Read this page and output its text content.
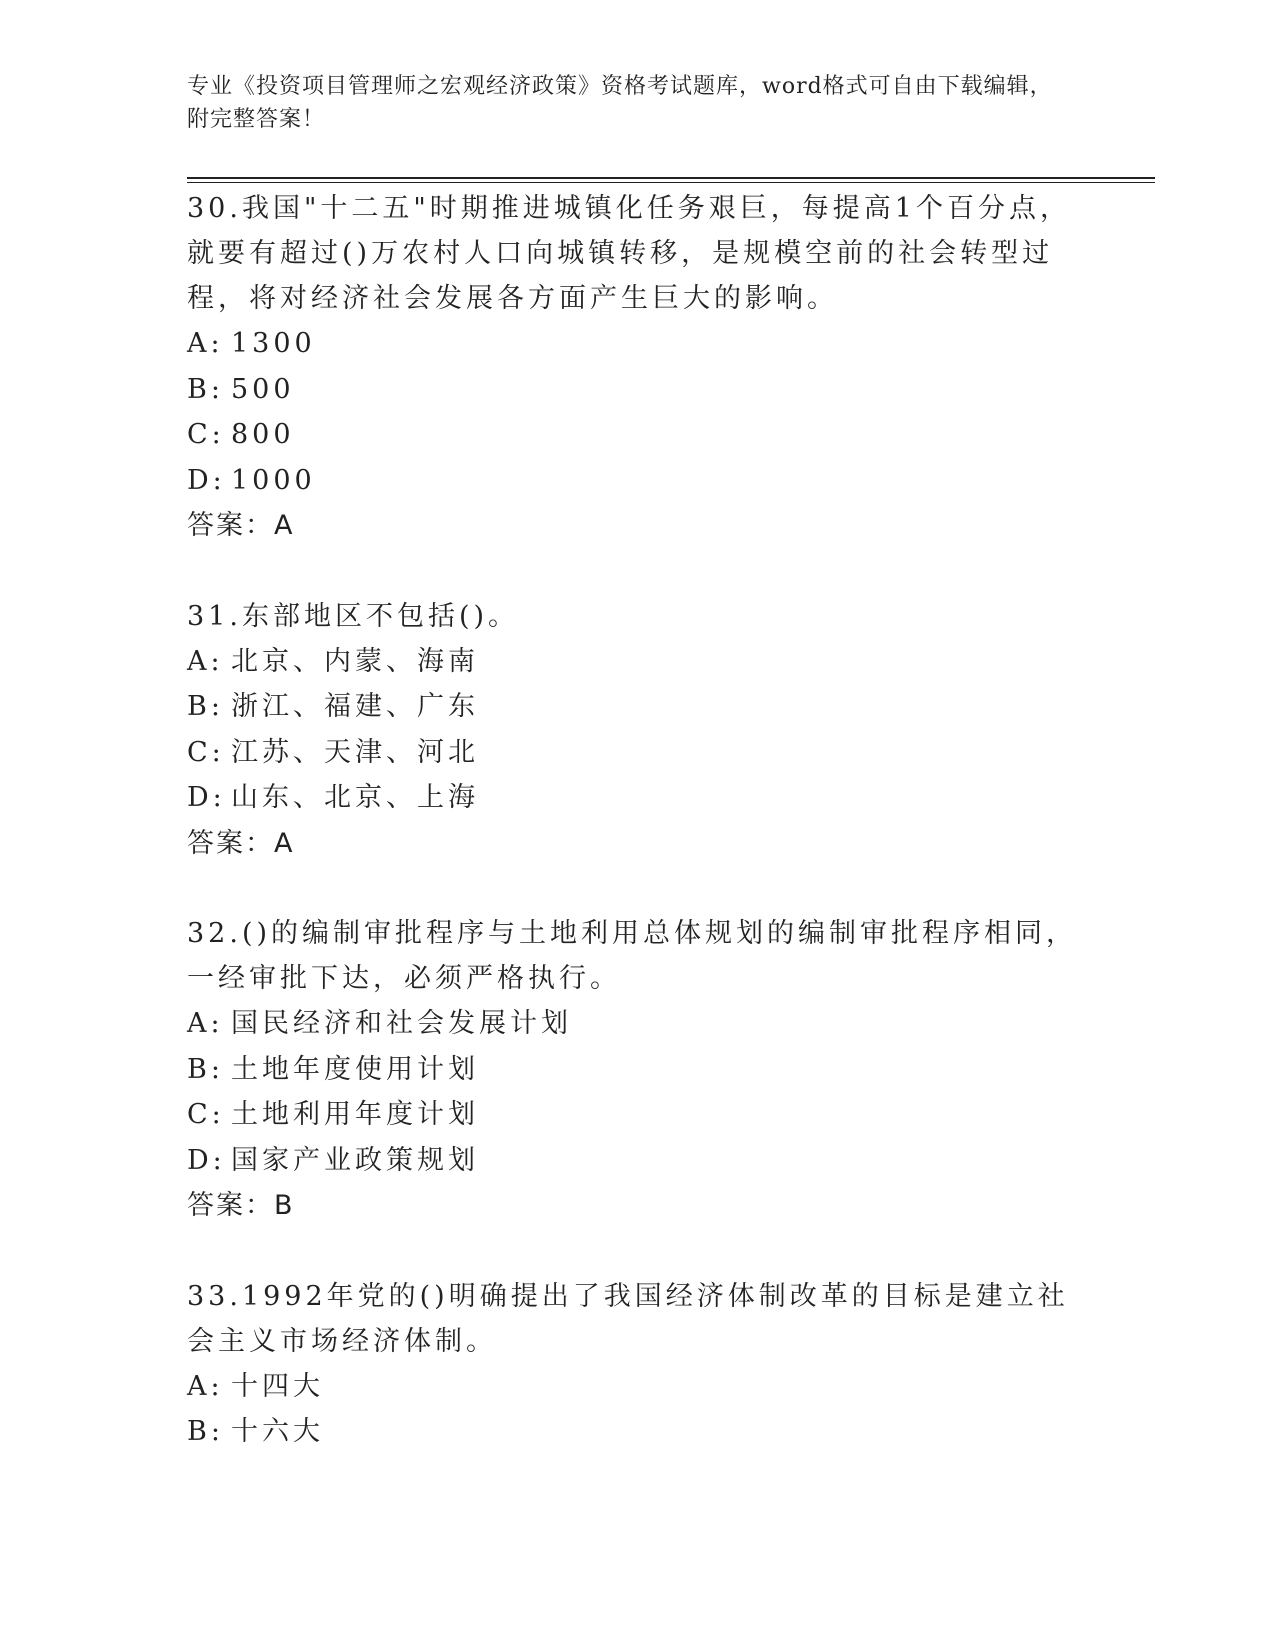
专业《投资项目管理师之宏观经济政策》资格考试题库，word格式可自由下载编辑，附完整答案！

30.我国"十二五"时期推进城镇化任务艰巨，每提高1个百分点，就要有超过()万农村人口向城镇转移，是规模空前的社会转型过程，将对经济社会发展各方面产生巨大的影响。

A: 1300

B: 500

C: 800

D: 1000

答案：A

31.东部地区不包括()。

A: 北京、内蒙、海南

B: 浙江、福建、广东

C: 江苏、天津、河北

D: 山东、北京、上海

答案：A

32.()的编制审批程序与土地利用总体规划的编制审批程序相同，一经审批下达，必须严格执行。

A: 国民经济和社会发展计划

B: 土地年度使用计划

C: 土地利用年度计划

D: 国家产业政策规划

答案：B

33.1992年党的()明确提出了我国经济体制改革的目标是建立社会主义市场经济体制。

A: 十四大

B: 十六大
